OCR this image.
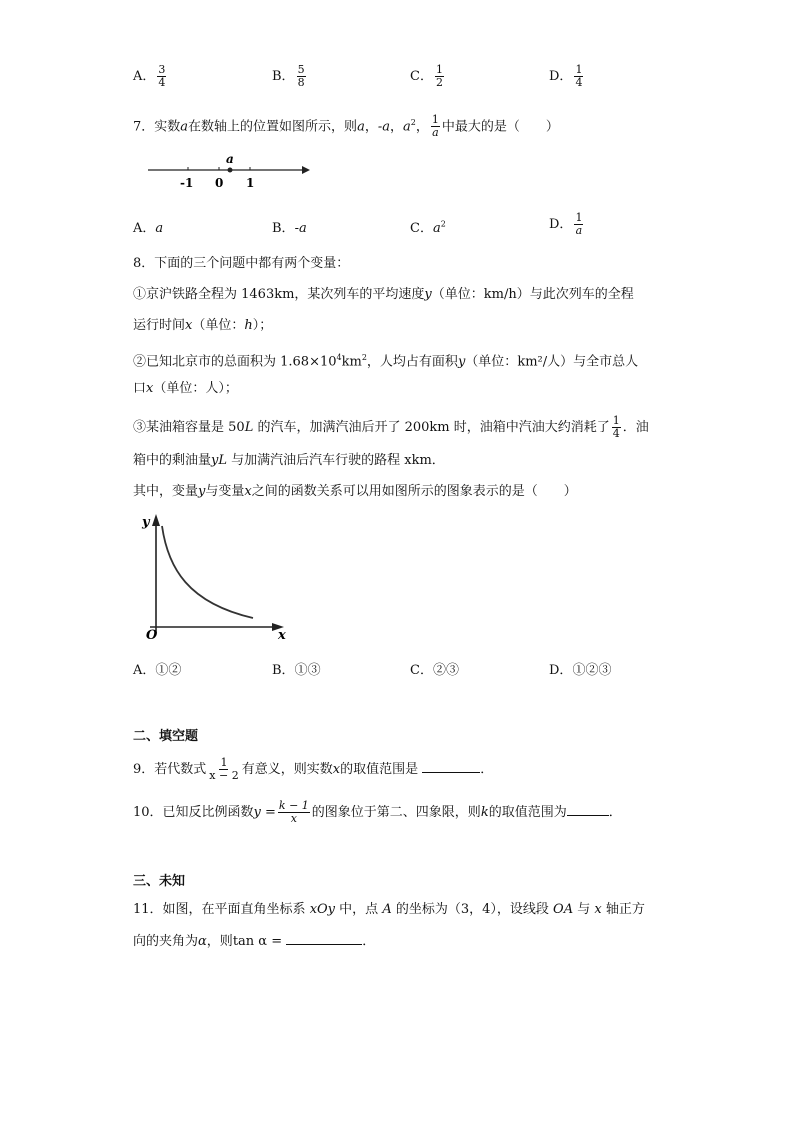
A． $\frac{3}{4}$	B． $\frac{5}{8}$	C． $\frac{1}{2}$	D． $\frac{1}{4}$
7．实数a在数轴上的位置如图所示，则a，-a，$a^2$， $\frac{1}{a}$ 中最大的是（　　）
a
-1 0 1
A．a	B．-a	C．$a^2$	D． $\frac{1}{a}$
8．下面的三个问题中都有两个变量：
①京沪铁路全程为 1463km，某次列车的平均速度y（单位：km/h）与此次列车的全程
运行时间x（单位：h）；
②已知北京市的总面积为 $1.68\times 10^4km^2$，人均占有面积y（单位：km²/人）与全市总人
口x（单位：人）；
③某油箱容量是 50L 的汽车，加满汽油后开了 200km 时，油箱中汽油大约消耗了 $\frac{1}{4}$ ．油
箱中的剩油量yL 与加满汽油后汽车行驶的路程 xkm．
其中，变量y与变量x之间的函数关系可以用如图所示的图象表示的是（　　）
y
x
O
A．①②	B．①③	C．②③	D．①②③
二、填空题
9．若代数式 $\frac{1}{x - 2}$ 有意义，则实数x的取值范围是	．
10．已知反比例函数$y = \frac{k - 1}{x}$ 的图象位于第二、四象限，则k的取值范围为	．
三、未知
11．如图，在平面直角坐标系 xOy 中，点 A 的坐标为（3，4），设线段 OA 与 x 轴正方
向的夹角为α，则tan α =	．
